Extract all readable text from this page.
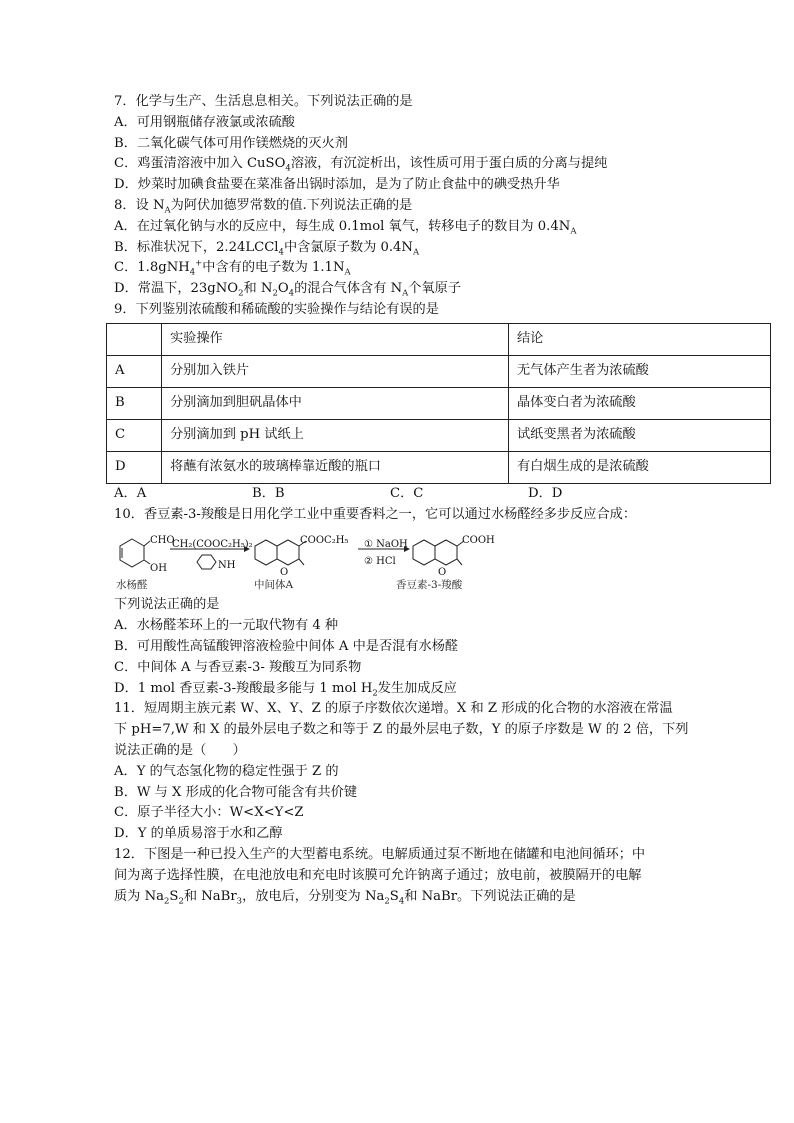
7．化学与生产、生活息息相关。下列说法正确的是
A．可用钢瓶储存液氯或浓硫酸
B．二氧化碳气体可用作镁燃烧的灭火剂
C．鸡蛋清溶液中加入 CuSO$_4$溶液，有沉淀析出，该性质可用于蛋白质的分离与提纯
D．炒菜时加碘食盐要在菜准备出锅时添加，是为了防止食盐中的碘受热升华
8．设 $N_A$为阿伏加德罗常数的值.下列说法正确的是
A．在过氧化钠与水的反应中，每生成 0.1mol 氧气，转移电子的数目为 $0.4N_A$
B．标准状况下，2.24LCCl$_4$中含氯原子数为 $0.4N_A$
C．1.8gNH$_4$+中含有的电子数为 $1.1N_A$
D．常温下，23gNO$_2$和 $N_2O_4$的混合气体含有 $N_A$个氧原子
9．下列鉴别浓硫酸和稀硫酸的实验操作与结论有误的是
	实验操作	结论
A	分别加入铁片	无气体产生者为浓硫酸
B	分别滴加到胆矾晶体中	晶体变白者为浓硫酸
C	分别滴加到 pH 试纸上	试纸变黑者为浓硫酸
D	将蘸有浓氨水的玻璃棒靠近酸的瓶口	有白烟生成的是浓硫酸
A．A	B．B	C．C	D．D
10．香豆素-3-羧酸是日用化学工业中重要香料之一，它可以通过水杨醛经多步反应合成：
CHO
OH
CH₂(COOC₂H₅)₂
NH
O
COOC₂H₅ ① NaOH
② HCl
O
COOH
水杨醛	中间体A	香豆素-3-羧酸
下列说法正确的是
A．水杨醛苯环上的一元取代物有 4 种
B．可用酸性高锰酸钾溶液检验中间体 A 中是否混有水杨醛
C．中间体 A 与香豆素-3- 羧酸互为同系物
D．1 mol 香豆素-3-羧酸最多能与 1 mol $H_2$发生加成反应
11．短周期主族元素 W、X、Y、Z 的原子序数依次递增。X 和 Z 形成的化合物的水溶液在常温
下 pH=7,W 和 X 的最外层电子数之和等于 Z 的最外层电子数，Y 的原子序数是 W 的 2 倍，下列
说法正确的是（　　）
A．Y 的气态氢化物的稳定性强于 Z 的
B．W 与 X 形成的化合物可能含有共价键
C．原子半径大小：W<X<Y<Z
D．Y 的单质易溶于水和乙醇
12．下图是一种已投入生产的大型蓄电系统。电解质通过泵不断地在储罐和电池间循环；中
间为离子选择性膜，在电池放电和充电时该膜可允许钠离子通过；放电前，被膜隔开的电解
质为 $Na_2S_2$和 NaBr$_3$，放电后，分别变为 $Na_2S_4$和 NaBr。下列说法正确的是
